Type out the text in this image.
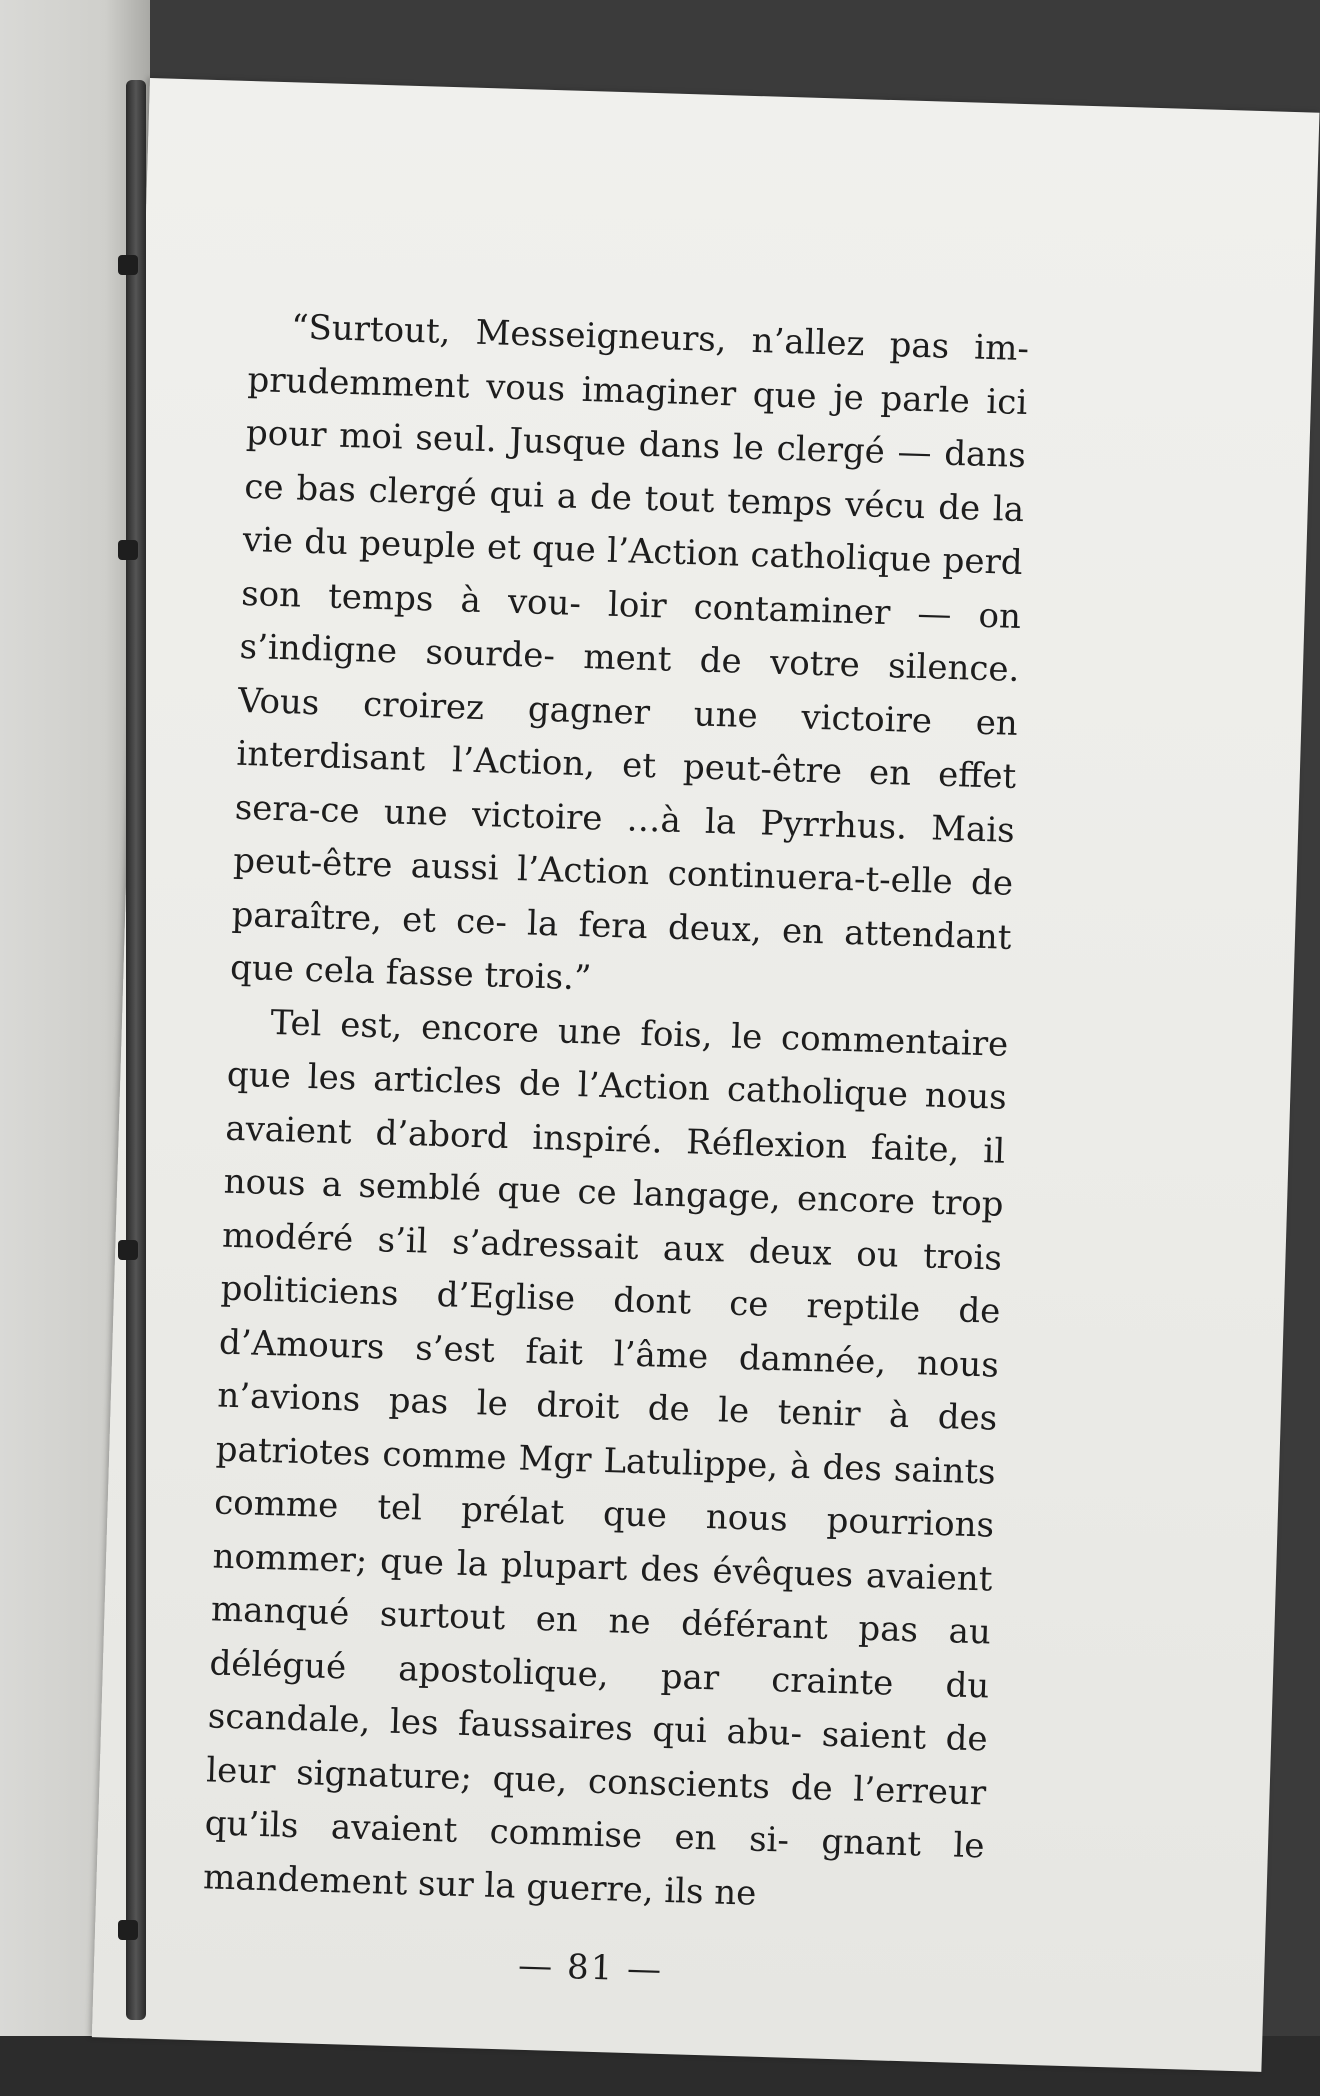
“Surtout, Messeigneurs, n’allez pas im- prudemment vous imaginer que je parle ici pour moi seul. Jusque dans le clergé — dans ce bas clergé qui a de tout temps vécu de la vie du peuple et que l’Action catholique perd son temps à vou- loir contaminer — on s’indigne sourde- ment de votre silence. Vous croirez gagner une victoire en interdisant l’Action, et peut-être en effet sera-ce une victoire …à la Pyrrhus. Mais peut-être aussi l’Action continuera-t-elle de paraître, et ce- la fera deux, en attendant que cela fasse trois.”

Tel est, encore une fois, le commentaire que les articles de l’Action catholique nous avaient d’abord inspiré. Réflexion faite, il nous a semblé que ce langage, encore trop modéré s’il s’adressait aux deux ou trois politiciens d’Eglise dont ce reptile de d’Amours s’est fait l’âme damnée, nous n’avions pas le droit de le tenir à des patriotes comme Mgr Latulippe, à des saints comme tel prélat que nous pourrions nommer; que la plupart des évêques avaient manqué surtout en ne déférant pas au délégué apostolique, par crainte du scandale, les faussaires qui abu- saient de leur signature; que, conscients de l’erreur qu’ils avaient commise en si- gnant le mandement sur la guerre, ils ne

— 81 —
